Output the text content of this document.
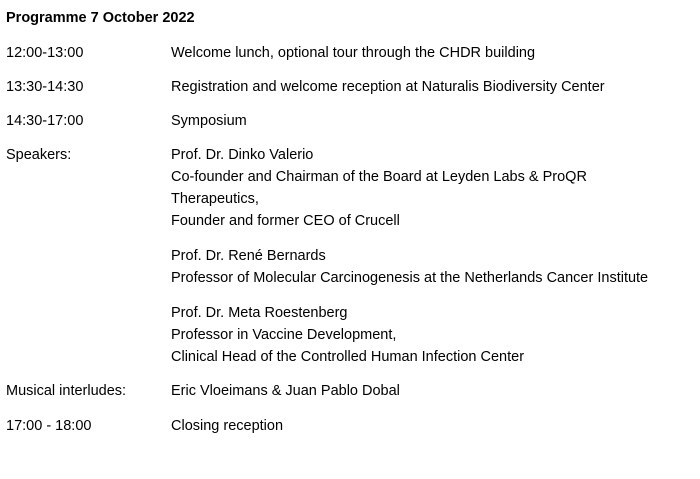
Programme 7 October 2022
12:00-13:00	Welcome lunch, optional tour through the CHDR building
13:30-14:30	Registration and welcome reception at Naturalis Biodiversity Center
14:30-17:00	Symposium
Speakers:	Prof. Dr. Dinko Valerio
Co-founder and Chairman of the Board at Leyden Labs & ProQR
Therapeutics,
Founder and former CEO of Crucell
Prof. Dr. René Bernards
Professor of Molecular Carcinogenesis at the Netherlands Cancer Institute
Prof. Dr. Meta Roestenberg
Professor in Vaccine Development,
Clinical Head of the Controlled Human Infection Center
Musical interludes:	Eric Vloeimans & Juan Pablo Dobal
17:00 - 18:00	Closing reception
